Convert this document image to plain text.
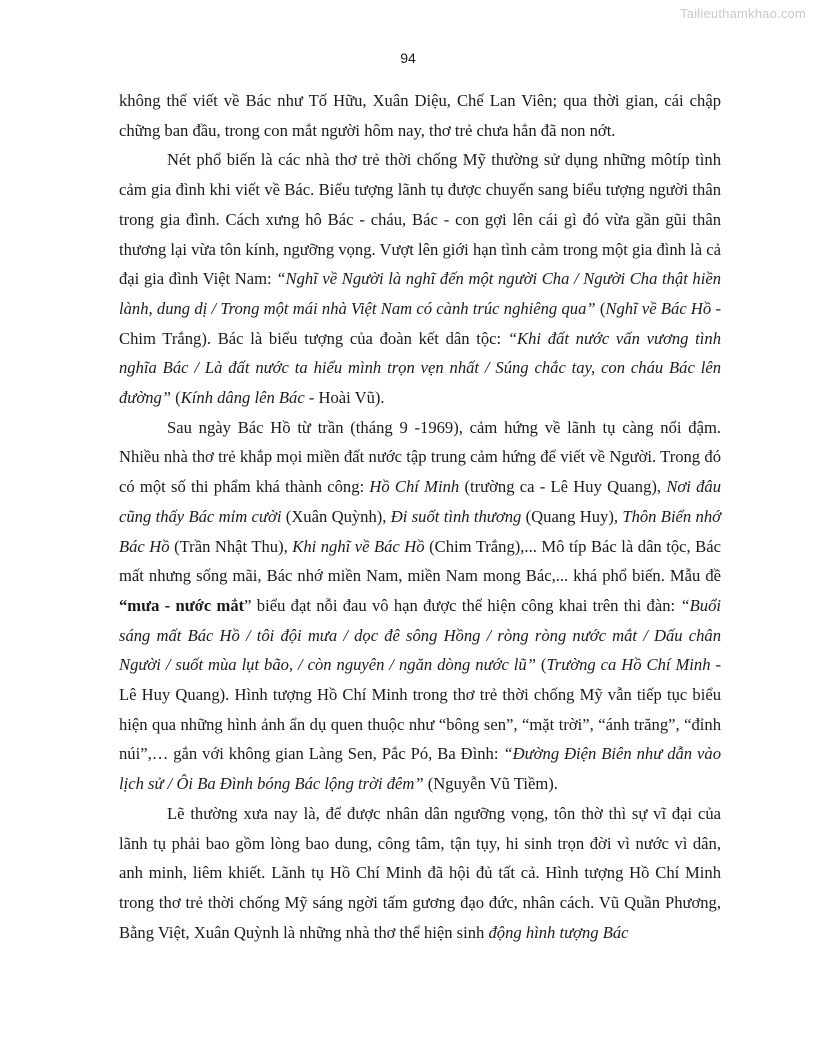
Tailieuthamkhao.com
94

không thể viết về Bác như Tố Hữu, Xuân Diệu, Chế Lan Viên; qua thời gian, cái chập chững ban đầu, trong con mắt người hôm nay, thơ trẻ chưa hẳn đã non nớt.

Nét phổ biến là các nhà thơ trẻ thời chống Mỹ thường sử dụng những môtíp tình cảm gia đình khi viết về Bác. Biểu tượng lãnh tụ được chuyển sang biểu tượng người thân trong gia đình. Cách xưng hô Bác - cháu, Bác - con gợi lên cái gì đó vừa gần gũi thân thương lại vừa tôn kính, ngưỡng vọng. Vượt lên giới hạn tình cảm trong một gia đình là cả đại gia đình Việt Nam: “Nghĩ về Người là nghĩ đến một người Cha / Người Cha thật hiền lành, dung dị / Trong một mái nhà Việt Nam có cành trúc nghiêng qua” (Nghĩ về Bác Hồ - Chim Trắng). Bác là biểu tượng của đoàn kết dân tộc: “Khi đất nước vấn vương tình nghĩa Bác / Là đất nước ta hiểu mình trọn vẹn nhất / Súng chắc tay, con cháu Bác lên đường” (Kính dâng lên Bác - Hoài Vũ).

Sau ngày Bác Hồ từ trần (tháng 9 -1969), cảm hứng về lãnh tụ càng nổi đậm. Nhiều nhà thơ trẻ khắp mọi miền đất nước tập trung cảm hứng để viết về Người. Trong đó có một số thi phẩm khá thành công: Hồ Chí Minh (trường ca - Lê Huy Quang), Nơi đâu cũng thấy Bác mỉm cười (Xuân Quỳnh), Đi suốt tình thương (Quang Huy), Thôn Biển nhớ Bác Hồ (Trần Nhật Thu), Khi nghĩ về Bác Hồ (Chim Trắng),... Mô típ Bác là dân tộc, Bác mất nhưng sống mãi, Bác nhớ miền Nam, miền Nam mong Bác,... khá phổ biến. Mẫu đề “mưa - nước mắt” biểu đạt nỗi đau vô hạn được thể hiện công khai trên thi đàn: “Buổi sáng mất Bác Hồ / tôi đội mưa / dọc đê sông Hồng / ròng ròng nước mắt / Dấu chân Người / suốt mùa lụt bão, / còn nguyên / ngăn dòng nước lũ” (Trường ca Hồ Chí Minh - Lê Huy Quang). Hình tượng Hồ Chí Minh trong thơ trẻ thời chống Mỹ vẫn tiếp tục biểu hiện qua những hình ảnh ẩn dụ quen thuộc như “bông sen”, “mặt trời”, “ánh trăng”, “đỉnh núi”,… gắn với không gian Làng Sen, Pắc Pó, Ba Đình: “Đường Điện Biên như dẫn vào lịch sử / Ôi Ba Đình bóng Bác lộng trời đêm” (Nguyễn Vũ Tiềm).

Lẽ thường xưa nay là, để được nhân dân ngưỡng vọng, tôn thờ thì sự vĩ đại của lãnh tụ phải bao gồm lòng bao dung, công tâm, tận tụy, hi sinh trọn đời vì nước vì dân, anh minh, liêm khiết. Lãnh tụ Hồ Chí Minh đã hội đủ tất cả. Hình tượng Hồ Chí Minh trong thơ trẻ thời chống Mỹ sáng ngời tấm gương đạo đức, nhân cách. Vũ Quần Phương, Bằng Việt, Xuân Quỳnh là những nhà thơ thể hiện sinh động hình tượng Bác
